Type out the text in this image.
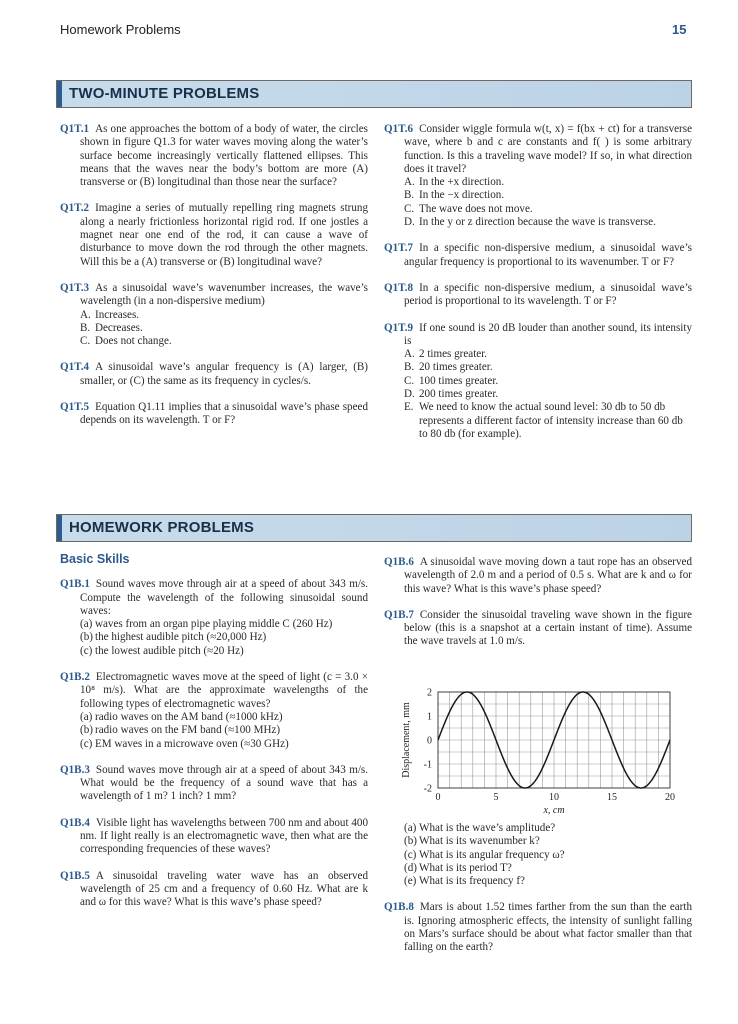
Homework Problems	15
TWO-MINUTE PROBLEMS

Q1T.1 As one approaches the bottom of a body of water, the circles shown in figure Q1.3 for water waves moving along the water’s surface become increasingly vertically flattened ellipses. This means that the waves near the body’s bottom are more (A) transverse or (B) longitudinal than those near the surface?

Q1T.2 Imagine a series of mutually repelling ring magnets strung along a nearly frictionless horizontal rigid rod. If one jostles a magnet near one end of the rod, it can cause a wave of disturbance to move down the rod through the other magnets. Will this be a (A) transverse or (B) longitudinal wave?

Q1T.3 As a sinusoidal wave’s wavenumber increases, the wave’s wavelength (in a non-dispersive medium)

A. Increases.
B. Decreases.
C. Does not change.

Q1T.4 A sinusoidal wave’s angular frequency is (A) larger, (B) smaller, or (C) the same as its frequency in cycles/s.

Q1T.5 Equation Q1.11 implies that a sinusoidal wave’s phase speed depends on its wavelength. T or F?

Q1T.6 Consider wiggle formula w(t, x) = f(bx + ct) for a transverse wave, where b and c are constants and f( ) is some arbitrary function. Is this a traveling wave model? If so, in what direction does it travel?

A. In the +x direction.
B. In the −x direction.
C. The wave does not move.
D. In the y or z direction because the wave is transverse.

Q1T.7 In a specific non-dispersive medium, a sinusoidal wave’s angular frequency is proportional to its wavenumber. T or F?

Q1T.8 In a specific non-dispersive medium, a sinusoidal wave’s period is proportional to its wavelength. T or F?

Q1T.9 If one sound is 20 dB louder than another sound, its intensity is

A. 2 times greater.
B. 20 times greater.
C. 100 times greater.
D. 200 times greater.
E. We need to know the actual sound level: 30 db to 50 db represents a different factor of intensity increase than 60 db to 80 db (for example).
HOMEWORK PROBLEMS
Basic Skills

Q1B.1 Sound waves move through air at a speed of about 343 m/s. Compute the wavelength of the following sinusoidal sound waves:

(a) waves from an organ pipe playing middle C (260 Hz)
(b) the highest audible pitch (≈20,000 Hz)
(c) the lowest audible pitch (≈20 Hz)

Q1B.2 Electromagnetic waves move at the speed of light (c = 3.0 × 10⁸ m/s). What are the approximate wavelengths of the following types of electromagnetic waves?

(a) radio waves on the AM band (≈1000 kHz)
(b) radio waves on the FM band (≈100 MHz)
(c) EM waves in a microwave oven (≈30 GHz)

Q1B.3 Sound waves move through air at a speed of about 343 m/s. What would be the frequency of a sound wave that has a wavelength of 1 m? 1 inch? 1 mm?

Q1B.4 Visible light has wavelengths between 700 nm and about 400 nm. If light really is an electromagnetic wave, then what are the corresponding frequencies of these waves?

Q1B.5 A sinusoidal traveling water wave has an observed wavelength of 25 cm and a frequency of 0.60 Hz. What are k and ω for this wave? What is this wave’s phase speed?

Q1B.6 A sinusoidal wave moving down a taut rope has an observed wavelength of 2.0 m and a period of 0.5 s. What are k and ω for this wave? What is this wave’s phase speed?

Q1B.7 Consider the sinusoidal traveling wave shown in the figure below (this is a snapshot at a certain instant of time). Assume the wave travels at 1.0 m/s.

0	5	10	15	20
2
1
0
-1
-2
x, cm
Displacement, mm
(a) What is the wave’s amplitude?
(b) What is its wavenumber k?
(c) What is its angular frequency ω?
(d) What is its period T?
(e) What is its frequency f?

Q1B.8 Mars is about 1.52 times farther from the sun than the earth is. Ignoring atmospheric effects, the intensity of sunlight falling on Mars’s surface should be about what factor smaller than that falling on the earth?
